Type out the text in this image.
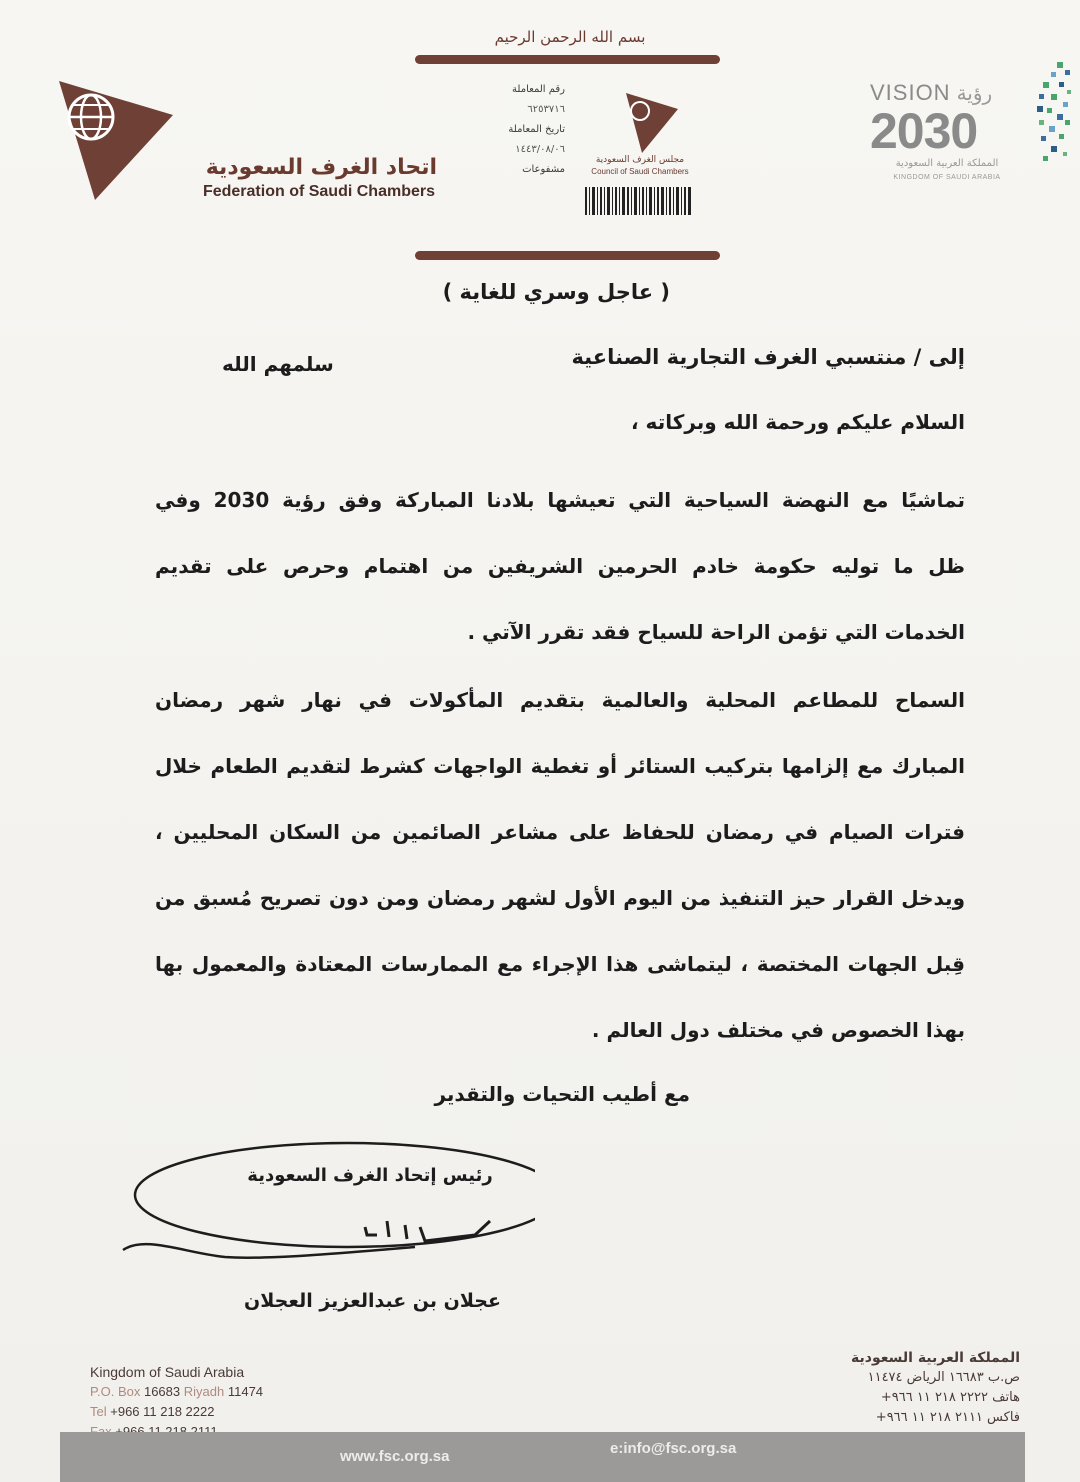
اتحاد الغرف السعودية
Federation of Saudi Chambers
بسم الله الرحمن الرحيم
رقم المعاملة
٦٢٥٣٧١٦
تاريخ المعاملة
١٤٤٣/٠٨/٠٦
مشفوعات
مجلس الغرف السعودية
Council of Saudi Chambers
VISION رؤية
2030
المملكة العربية السعودية
KINGDOM OF SAUDI ARABIA
( عاجل وسري للغاية )
إلى / منتسبي الغرف التجارية الصناعية
سلمهم الله
السلام عليكم ورحمة الله وبركاته ،
تماشيًا مع النهضة السياحية التي تعيشها بلادنا المباركة وفق رؤية 2030 وفي
ظل ما توليه حكومة خادم الحرمين الشريفين من اهتمام وحرص على تقديم
الخدمات التي تؤمن الراحة للسياح فقد تقرر الآتي .
السماح للمطاعم المحلية والعالمية بتقديم المأكولات في نهار شهر رمضان
المبارك مع إلزامها بتركيب الستائر أو تغطية الواجهات كشرط لتقديم الطعام خلال
فترات الصيام في رمضان للحفاظ على مشاعر الصائمين من السكان المحليين ،
ويدخل القرار حيز التنفيذ من اليوم الأول لشهر رمضان ومن دون تصريح مُسبق من
قِبل الجهات المختصة ، ليتماشى هذا الإجراء مع الممارسات المعتادة والمعمول بها
بهذا الخصوص في مختلف دول العالم .
مع أطيب التحيات والتقدير
رئيس إتحاد الغرف السعودية
عجلان بن عبدالعزيز العجلان
Kingdom of Saudi Arabia
P.O. Box 16683 Riyadh 11474
Tel +966 11 218 2222
المملكة العربية السعودية
ص.ب ١٦٦٨٣ الرياض ١١٤٧٤
هاتف ٢٢٢٢ ٢١٨ ١١ ٩٦٦+
فاكس ٢١١١ ٢١٨ ١١ ٩٦٦+
www.fsc.org.sa	e:info@fsc.org.sa
